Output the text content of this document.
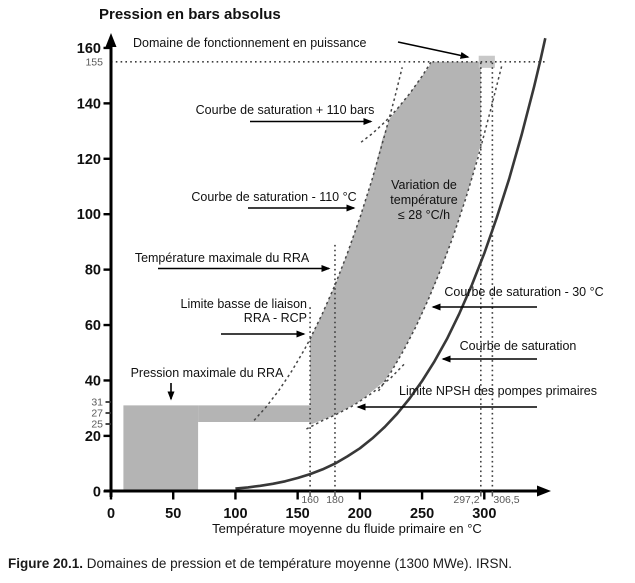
Pression en bars absolus
0	50	100	150	200	250	300
160 180	297,2 306,5
0
20
40
60
80
100
120
140
160
155
31
27
25
Domaine de fonctionnement en puissance
Courbe de saturation + 110 bars
Courbe de saturation - 110 °C
Variation de température ≤ 28 °C/h
Température maximale du RRA
Limite basse de liaison RRA - RCP
Pression maximale du RRA
Courbe de saturation - 30 °C
Courbe de saturation
Limite NPSH des pompes primaires
Température moyenne du fluide primaire en °C
Figure 20.1. Domaines de pression et de température moyenne (1300 MWe). IRSN.
